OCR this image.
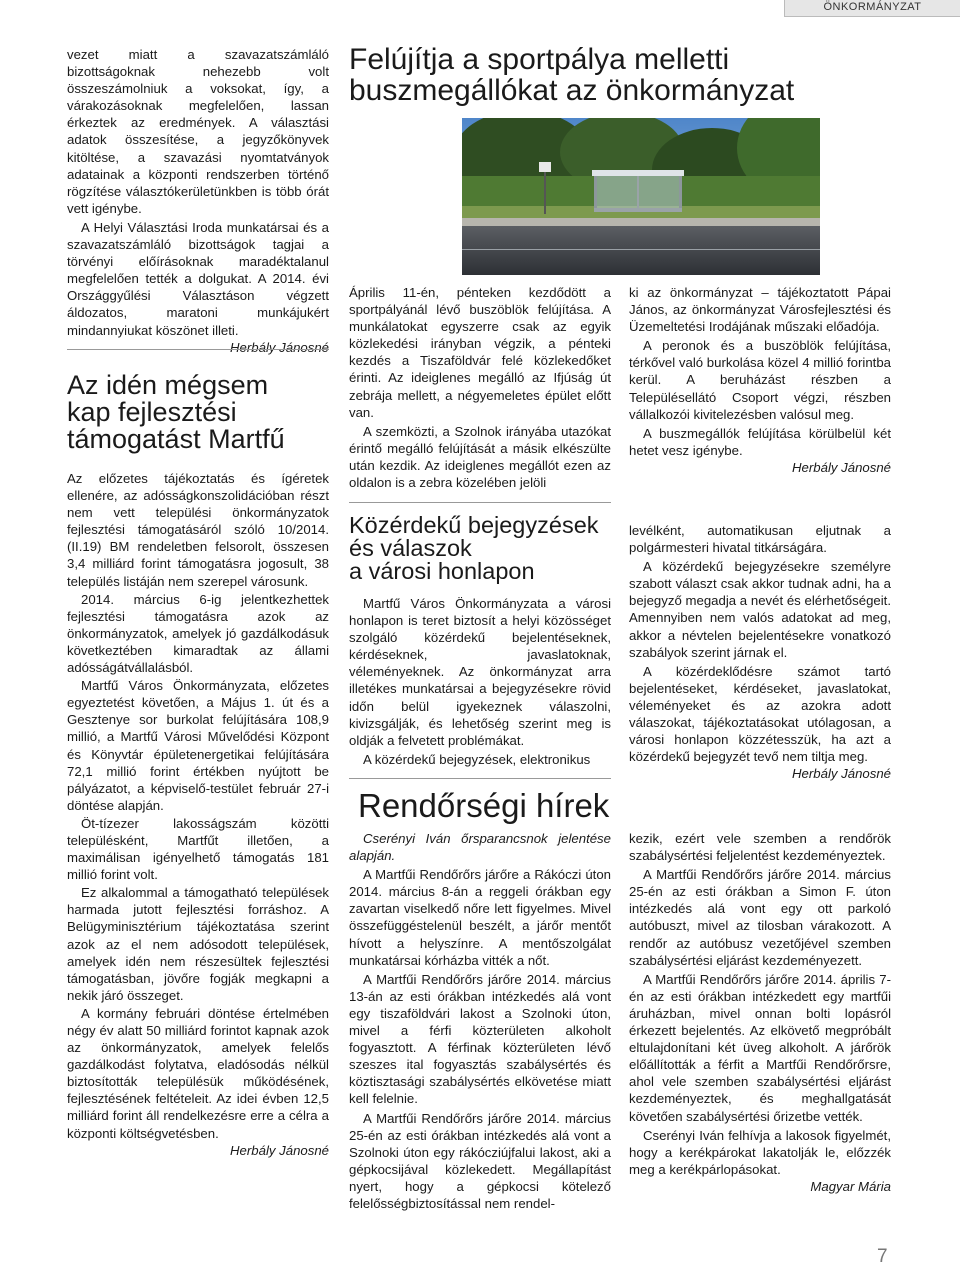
ÖNKORMÁNYZAT

vezet miatt a szavazatszámláló bizottságoknak nehezebb volt összeszámolniuk a voksokat, így, a várakozásoknak megfelelően, lassan érkeztek az eredmények. A választási adatok összesítése, a jegyzőkönyvek kitöltése, a szavazási nyomtatványok adatainak a központi rendszerben történő rögzítése választókerületünkben is több órát vett igénybe.

A Helyi Választási Iroda munkatársai és a szavazatszámláló bizottságok tagjai a törvényi előírásoknak maradéktalanul megfelelően tették a dolgukat. A 2014. évi Országgyűlési Választáson végzett áldozatos, maratoni munkájukért mindannyiukat köszönet illeti.

Herbály Jánosné
Az idén mégsem
kap fejlesztési
támogatást Martfű

Az előzetes tájékoztatás és ígéretek ellenére, az adósságkonszolidációban részt nem vett települési önkormányzatok fejlesztési támogatásáról szóló 10/2014. (II.19) BM rendeletben felsorolt, összesen 3,4 milliárd forint támogatásra jogosult, 38 település listáján nem szerepel városunk.

2014. március 6-ig jelentkezhettek fejlesztési támogatásra azok az önkormányzatok, amelyek jó gazdálkodásuk következtében kimaradtak az állami adósságátvállalásból.

Martfű Város Önkormányzata, előzetes egyeztetést követően, a Május 1. út és a Gesztenye sor burkolat felújítására 108,9 millió, a Martfű Városi Művelődési Központ és Könyvtár épületenergetikai felújítására 72,1 millió forint értékben nyújtott be pályázatot, a képviselő-testület február 27-i döntése alapján.

Öt-tízezer lakosságszám közötti településként, Martfűt illetően, a maximálisan igényelhető támogatás 181 millió forint volt.

Ez alkalommal a támogatható települések harmada jutott fejlesztési forráshoz. A Belügyminisztérium tájékoztatása szerint azok az el nem adósodott települések, amelyek idén nem részesültek fejlesztési támogatásban, jövőre fogják megkapni a nekik járó összeget.

A kormány februári döntése értelmében négy év alatt 50 milliárd forintot kapnak azok az önkormányzatok, amelyek felelős gazdálkodást folytatva, eladósodás nélkül biztosították településük működésének, fejlesztésének feltételeit. Az idei évben 12,5 milliárd forint áll rendelkezésre erre a célra a központi költségvetésben.

Herbály Jánosné
Felújítja a sportpálya melletti
buszmegállókat az önkormányzat

Április 11-én, pénteken kezdődött a sportpályánál lévő buszöblök felújítása. A munkálatokat egyszerre csak az egyik közlekedési irányban végzik, a pénteki kezdés a Tiszaföldvár felé közlekedőket érinti. Az ideiglenes megálló az Ifjúság út zebrája mellett, a négyemeletes épület előtt van.

A szemközti, a Szolnok irányába utazókat érintő megálló felújítását a másik elkészülte után kezdik. Az ideiglenes megállót ezen az oldalon is a zebra közelében jelöli

ki az önkormányzat – tájékoztatott Pápai János, az önkormányzat Városfejlesztési és Üzemeltetési Irodájának műszaki előadója.

A peronok és a buszöblök felújítása, térkővel való burkolása közel 4 millió forintba kerül. A beruházást részben a Településellátó Csoport végzi, részben vállalkozói kivitelezésben valósul meg.

A buszmegállók felújítása körülbelül két hetet vesz igénybe.

Herbály Jánosné
Közérdekű bejegyzések
és válaszok
a városi honlapon

Martfű Város Önkormányzata a városi honlapon is teret biztosít a helyi közösséget szolgáló közérdekű bejelentéseknek, kérdéseknek, javaslatoknak, véleményeknek. Az önkormányzat arra illetékes munkatársai a bejegyzésekre rövid időn belül igyekeznek válaszolni, kivizsgálják, és lehetőség szerint meg is oldják a felvetett problémákat.

A közérdekű bejegyzések, elektronikus

levélként, automatikusan eljutnak a polgármesteri hivatal titkárságára.

A közérdekű bejegyzésekre személyre szabott választ csak akkor tudnak adni, ha a bejegyző megadja a nevét és elérhetőségeit. Amennyiben nem valós adatokat ad meg, akkor a névtelen bejelentésekre vonatkozó szabályok szerint járnak el.

A közérdeklődésre számot tartó bejelentéseket, kérdéseket, javaslatokat, véleményeket és az azokra adott válaszokat, tájékoztatásokat utólagosan, a városi honlapon közzétesszük, ha azt a közérdekű bejegyzét tevő nem tiltja meg.

Herbály Jánosné
Rendőrségi hírek

Cserényi Iván őrsparancsnok jelentése alapján.

A Martfűi Rendőrőrs járőre a Rákóczi úton 2014. március 8-án a reggeli órákban egy zavartan viselkedő nőre lett figyelmes. Mivel összefüggéstelenül beszélt, a járőr mentőt hívott a helyszínre. A mentőszolgálat munkatársai kórházba vitték a nőt.

A Martfűi Rendőrőrs járőre 2014. március 13-án az esti órákban intézkedés alá vont egy tiszaföldvári lakost a Szolnoki úton, mivel a férfi közterületen alkoholt fogyasztott. A férfinak közterületen lévő szeszes ital fogyasztás szabálysértés és köztisztasági szabálysértés elkövetése miatt kell felelnie.

A Martfűi Rendőrőrs járőre 2014. március 25-én az esti órákban intézkedés alá vont a Szolnoki úton egy rákócziújfalui lakost, aki a gépkocsijával közlekedett. Megállapítást nyert, hogy a gépkocsi kötelező felelősségbiztosítással nem rendel-

kezik, ezért vele szemben a rendőrök szabálysértési feljelentést kezdeményeztek.

A Martfűi Rendőrőrs járőre 2014. március 25-én az esti órákban a Simon F. úton intézkedés alá vont egy ott parkoló autóbuszt, mivel az tilosban várakozott. A rendőr az autóbusz vezetőjével szemben szabálysértési eljárást kezdeményezett.

A Martfűi Rendőrőrs járőre 2014. április 7-én az esti órákban intézkedett egy martfűi áruházban, mivel onnan bolti lopásról érkezett bejelentés. Az elkövető megpróbált eltulajdonítani két üveg alkoholt. A járőrök előállították a férfit a Martfűi Rendőrőrsre, ahol vele szemben szabálysértési eljárást kezdeményeztek, és meghallgatását követően szabálysértési őrizetbe vették.

Cserényi Iván felhívja a lakosok figyelmét, hogy a kerékpárokat lakatolják le, előzzék meg a kerékpárlopásokat.

Magyar Mária
7
